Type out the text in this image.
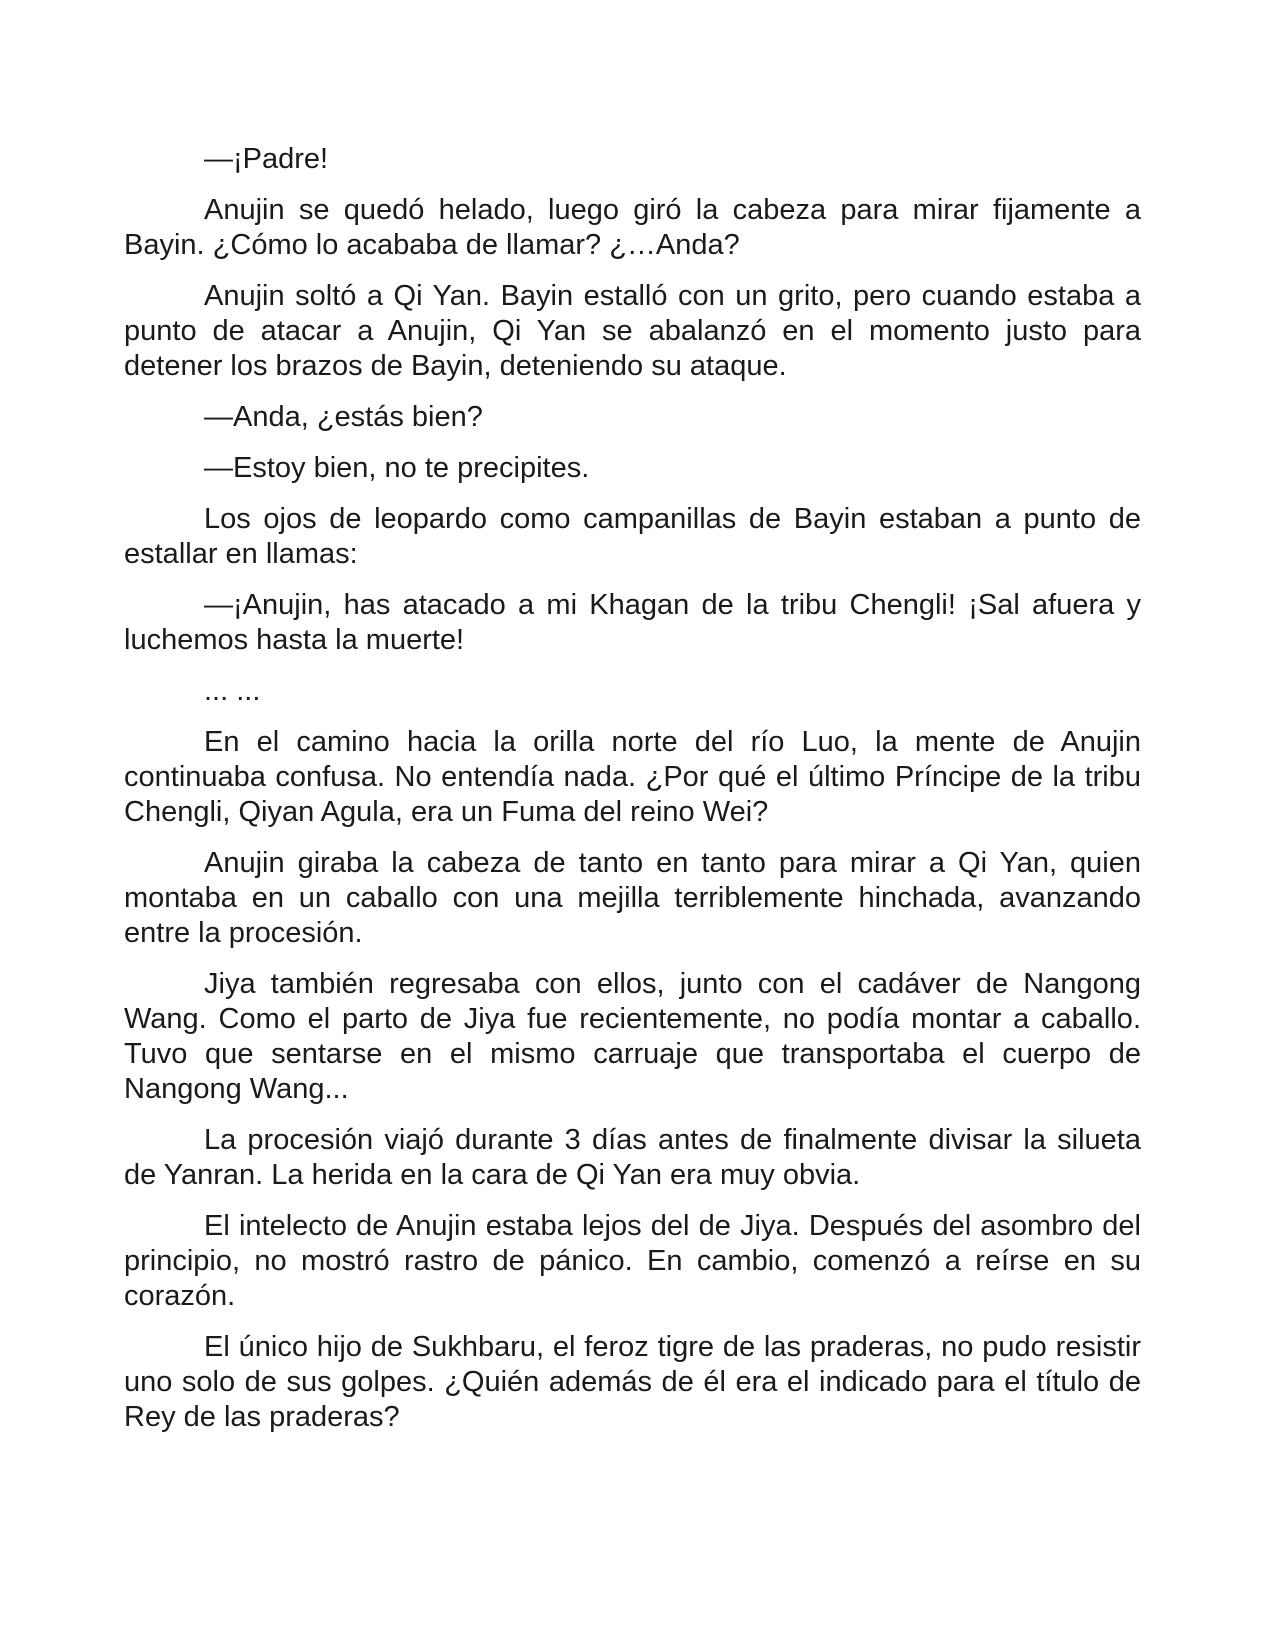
—¡Padre!

Anujin se quedó helado, luego giró la cabeza para mirar fijamente a Bayin. ¿Cómo lo acababa de llamar? ¿…Anda?

Anujin soltó a Qi Yan. Bayin estalló con un grito, pero cuando estaba a punto de atacar a Anujin, Qi Yan se abalanzó en el momento justo para detener los brazos de Bayin, deteniendo su ataque.

—Anda, ¿estás bien?

—Estoy bien, no te precipites.

Los ojos de leopardo como campanillas de Bayin estaban a punto de estallar en llamas:

—¡Anujin, has atacado a mi Khagan de la tribu Chengli! ¡Sal afuera y luchemos hasta la muerte!

... ...

En el camino hacia la orilla norte del río Luo, la mente de Anujin continuaba confusa. No entendía nada. ¿Por qué el último Príncipe de la tribu Chengli, Qiyan Agula, era un Fuma del reino Wei?

Anujin giraba la cabeza de tanto en tanto para mirar a Qi Yan, quien montaba en un caballo con una mejilla terriblemente hinchada, avanzando entre la procesión.

Jiya también regresaba con ellos, junto con el cadáver de Nangong Wang. Como el parto de Jiya fue recientemente, no podía montar a caballo. Tuvo que sentarse en el mismo carruaje que transportaba el cuerpo de Nangong Wang...

La procesión viajó durante 3 días antes de finalmente divisar la silueta de Yanran. La herida en la cara de Qi Yan era muy obvia.

El intelecto de Anujin estaba lejos del de Jiya. Después del asombro del principio, no mostró rastro de pánico. En cambio, comenzó a reírse en su corazón.

El único hijo de Sukhbaru, el feroz tigre de las praderas, no pudo resistir uno solo de sus golpes. ¿Quién además de él era el indicado para el título de Rey de las praderas?
